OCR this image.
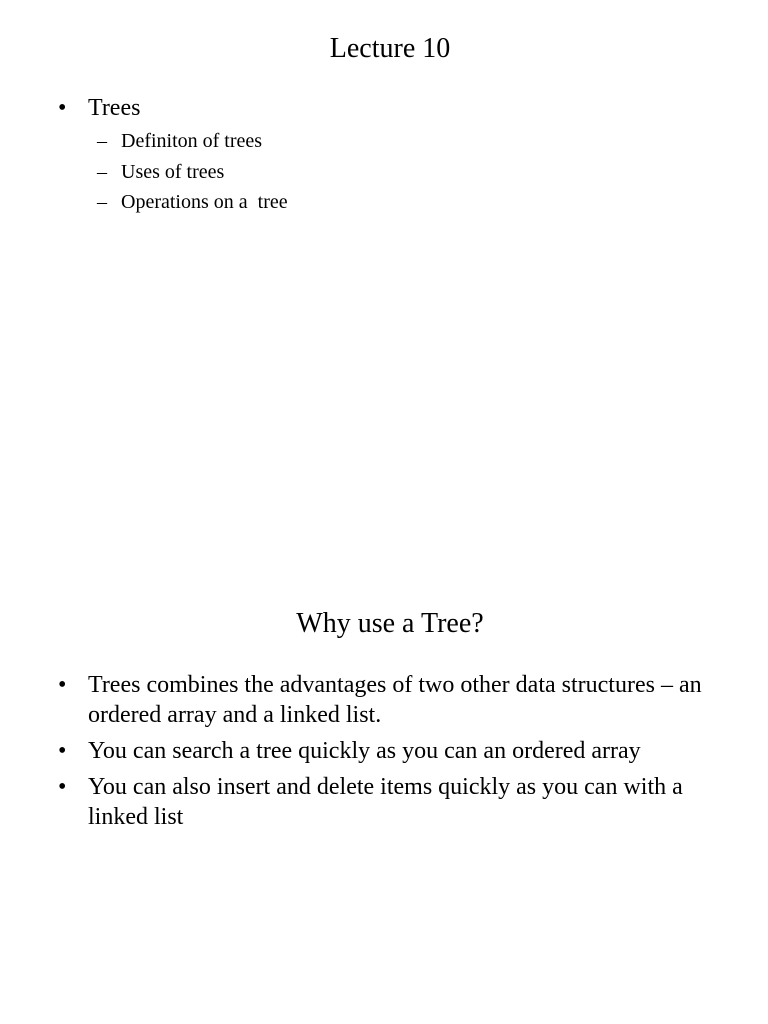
Lecture 10
• Trees
– Definiton of trees
– Uses of trees
– Operations on a  tree
Why use a Tree?
• Trees combines the advantages of two other data structures – an ordered array and a linked list.
• You can search a tree quickly as you can an ordered array
• You can also insert and delete items quickly as you can with a linked list
